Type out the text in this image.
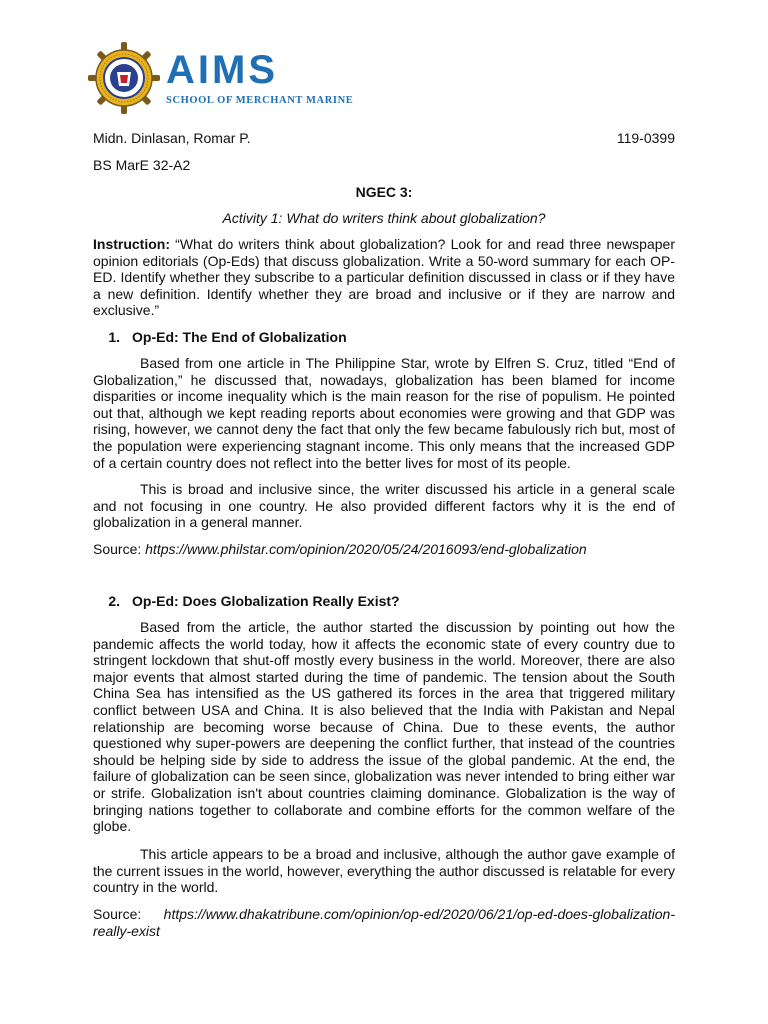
AIMS
SCHOOL OF MERCHANT MARINE
Midn. Dinlasan, Romar P.	119-0399
BS MarE 32-A2
NGEC 3:
Activity 1: What do writers think about globalization?

Instruction: “What do writers think about globalization? Look for and read three newspaper opinion editorials (Op-Eds) that discuss globalization. Write a 50-word summary for each OP-ED. Identify whether they subscribe to a particular definition discussed in class or if they have a new definition. Identify whether they are broad and inclusive or if they are narrow and exclusive.”

1. Op-Ed: The End of Globalization

Based from one article in The Philippine Star, wrote by Elfren S. Cruz, titled “End of Globalization,” he discussed that, nowadays, globalization has been blamed for income disparities or income inequality which is the main reason for the rise of populism. He pointed out that, although we kept reading reports about economies were growing and that GDP was rising, however, we cannot deny the fact that only the few became fabulously rich but, most of the population were experiencing stagnant income. This only means that the increased GDP of a certain country does not reflect into the better lives for most of its people.

This is broad and inclusive since, the writer discussed his article in a general scale and not focusing in one country. He also provided different factors why it is the end of globalization in a general manner.

Source: https://www.philstar.com/opinion/2020/05/24/2016093/end-globalization
2. Op-Ed: Does Globalization Really Exist?

Based from the article, the author started the discussion by pointing out how the pandemic affects the world today, how it affects the economic state of every country due to stringent lockdown that shut-off mostly every business in the world. Moreover, there are also major events that almost started during the time of pandemic. The tension about the South China Sea has intensified as the US gathered its forces in the area that triggered military conflict between USA and China. It is also believed that the India with Pakistan and Nepal relationship are becoming worse because of China. Due to these events, the author questioned why super-powers are deepening the conflict further, that instead of the countries should be helping side by side to address the issue of the global pandemic. At the end, the failure of globalization can be seen since, globalization was never intended to bring either war or strife. Globalization isn't about countries claiming dominance. Globalization is the way of bringing nations together to collaborate and combine efforts for the common welfare of the globe.

This article appears to be a broad and inclusive, although the author gave example of the current issues in the world, however, everything the author discussed is relatable for every country in the world.

Source: https://www.dhakatribune.com/opinion/op-ed/2020/06/21/op-ed-does-globalization-really-exist
